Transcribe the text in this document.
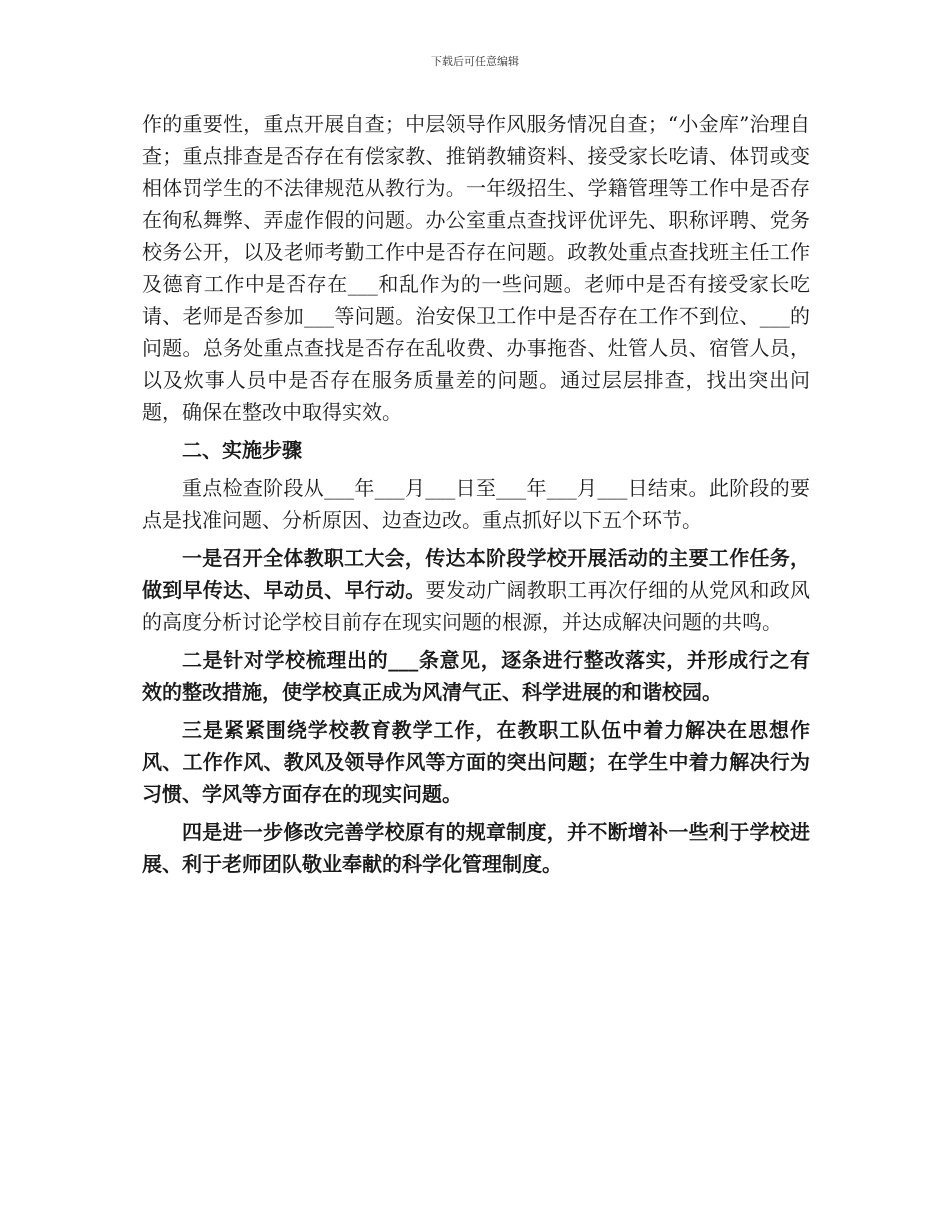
下载后可任意编辑

作的重要性，重点开展自查；中层领导作风服务情况自查；“小金库”治理自查；重点排查是否存在有偿家教、推销教辅资料、接受家长吃请、体罚或变相体罚学生的不法律规范从教行为。一年级招生、学籍管理等工作中是否存在徇私舞弊、弄虚作假的问题。办公室重点查找评优评先、职称评聘、党务校务公开，以及老师考勤工作中是否存在问题。政教处重点查找班主任工作及德育工作中是否存在___和乱作为的一些问题。老师中是否有接受家长吃请、老师是否参加___等问题。治安保卫工作中是否存在工作不到位、___的问题。总务处重点查找是否存在乱收费、办事拖沓、灶管人员、宿管人员，以及炊事人员中是否存在服务质量差的问题。通过层层排查，找出突出问题，确保在整改中取得实效。

二、实施步骤

重点检查阶段从___年___月___日至___年___月___日结束。此阶段的要点是找准问题、分析原因、边查边改。重点抓好以下五个环节。

一是召开全体教职工大会，传达本阶段学校开展活动的主要工作任务，做到早传达、早动员、早行动。要发动广阔教职工再次仔细的从党风和政风的高度分析讨论学校目前存在现实问题的根源，并达成解决问题的共鸣。

二是针对学校梳理出的___条意见，逐条进行整改落实，并形成行之有效的整改措施，使学校真正成为风清气正、科学进展的和谐校园。

三是紧紧围绕学校教育教学工作，在教职工队伍中着力解决在思想作风、工作作风、教风及领导作风等方面的突出问题；在学生中着力解决行为习惯、学风等方面存在的现实问题。

四是进一步修改完善学校原有的规章制度，并不断增补一些利于学校进展、利于老师团队敬业奉献的科学化管理制度。
